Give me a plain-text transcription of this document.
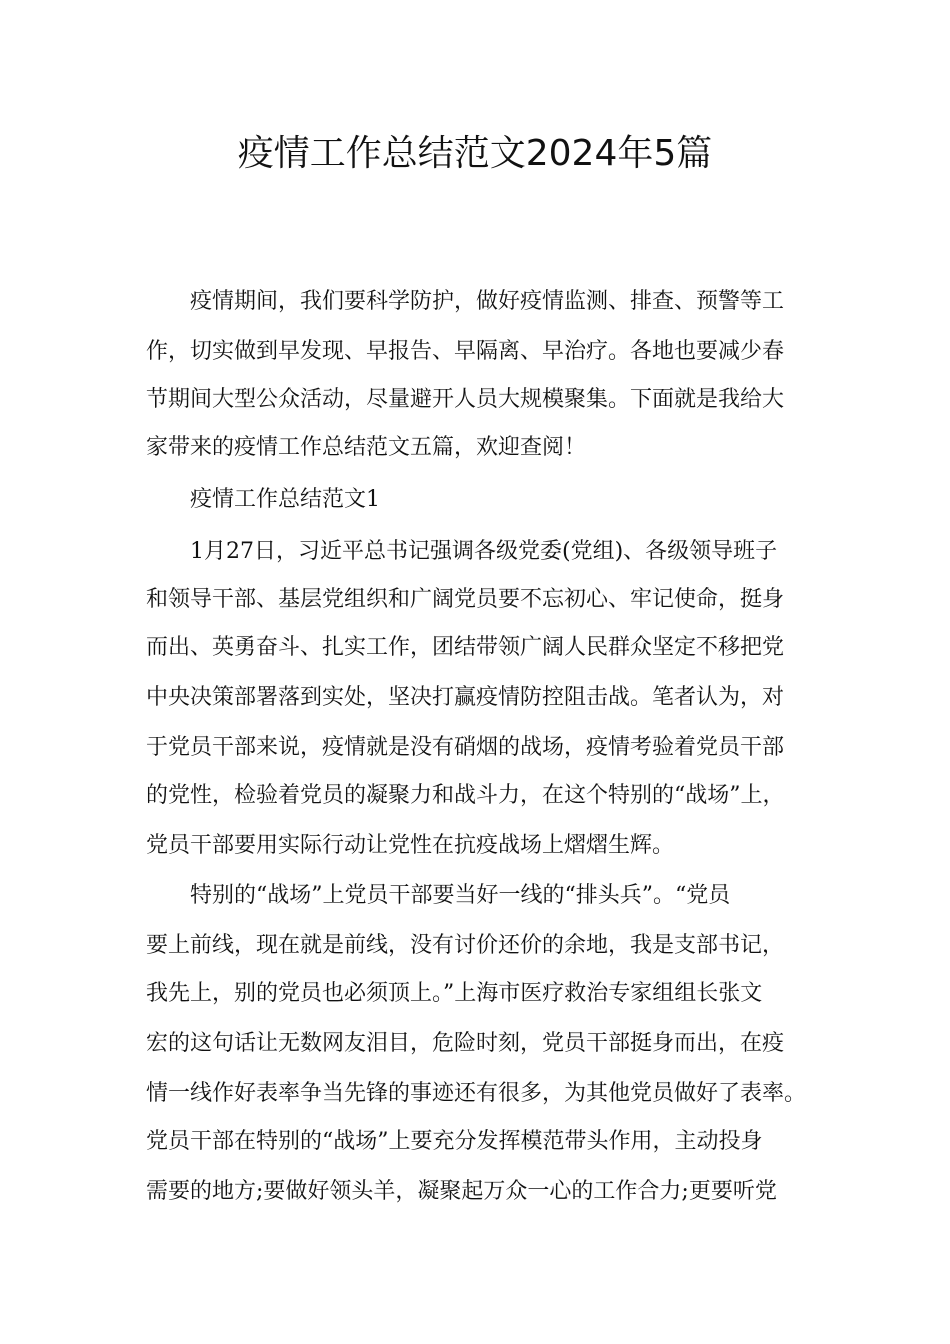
疫情工作总结范文2024年5篇
疫情期间，我们要科学防护，做好疫情监测、排查、预警等工
作，切实做到早发现、早报告、早隔离、早治疗。各地也要减少春
节期间大型公众活动，尽量避开人员大规模聚集。下面就是我给大
家带来的疫情工作总结范文五篇，欢迎查阅！
疫情工作总结范文1
1月27日，习近平总书记强调各级党委(党组)、各级领导班子
和领导干部、基层党组织和广阔党员要不忘初心、牢记使命，挺身
而出、英勇奋斗、扎实工作，团结带领广阔人民群众坚定不移把党
中央决策部署落到实处，坚决打赢疫情防控阻击战。笔者认为，对
于党员干部来说，疫情就是没有硝烟的战场，疫情考验着党员干部
的党性，检验着党员的凝聚力和战斗力，在这个特别的“战场”上，
党员干部要用实际行动让党性在抗疫战场上熠熠生辉。
特别的“战场”上党员干部要当好一线的“排头兵”。“党员
要上前线，现在就是前线，没有讨价还价的余地，我是支部书记，
我先上，别的党员也必须顶上。”上海市医疗救治专家组组长张文
宏的这句话让无数网友泪目，危险时刻，党员干部挺身而出，在疫
情一线作好表率争当先锋的事迹还有很多，为其他党员做好了表率。
党员干部在特别的“战场”上要充分发挥模范带头作用，主动投身
需要的地方;要做好领头羊，凝聚起万众一心的工作合力;更要听党
